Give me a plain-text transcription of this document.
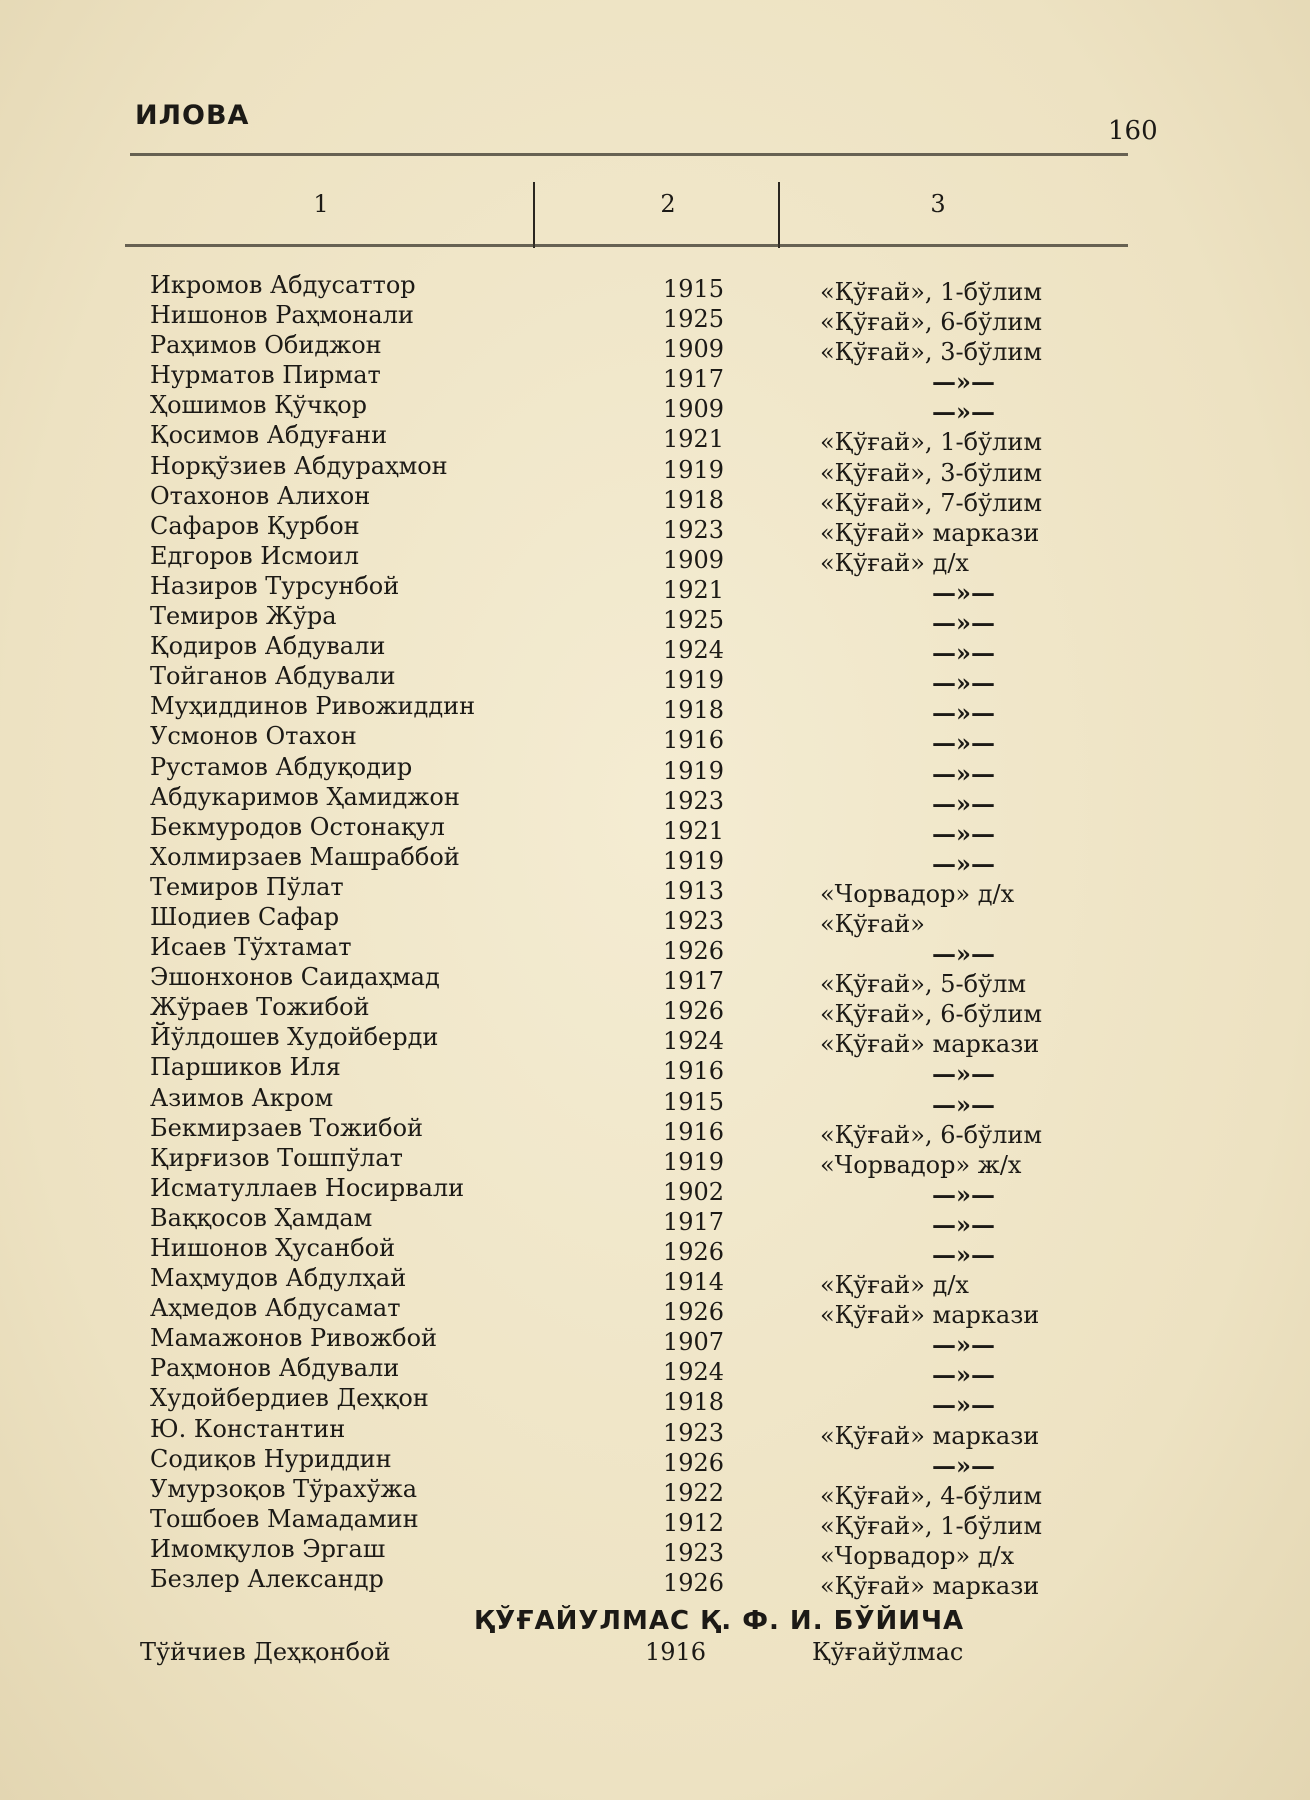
ИЛОВА	160
1	2	3
Икромов Абдусаттор	1915	«Қўғай», 1-бўлим
Нишонов Раҳмонали	1925	«Қўғай», 6-бўлим
Раҳимов Обиджон	1909	«Қўғай», 3-бўлим
Нурматов Пирмат	1917	—»—
Ҳошимов Қўчқор	1909	—»—
Қосимов Абдуғани	1921	«Қўғай», 1-бўлим
Норқўзиев Абдураҳмон	1919	«Қўғай», 3-бўлим
Отахонов Алихон	1918	«Қўғай», 7-бўлим
Сафаров Қурбон	1923	«Қўғай» маркази
Едгоров Исмоил	1909	«Қўғай» д/х
Назиров Турсунбой	1921	—»—
Темиров Жўра	1925	—»—
Қодиров Абдували	1924	—»—
Тойганов Абдували	1919	—»—
Муҳиддинов Ривожиддин	1918	—»—
Усмонов Отахон	1916	—»—
Рустамов Абдуқодир	1919	—»—
Абдукаримов Ҳамиджон	1923	—»—
Бекмуродов Остонақул	1921	—»—
Холмирзаев Машраббой	1919	—»—
Темиров Пўлат	1913	«Чорвадор» д/х
Шодиев Сафар	1923	«Қўғай»
Исаев Тўхтамат	1926	—»—
Эшонхонов Саидаҳмад	1917	«Қўғай», 5-бўлм
Жўраев Тожибой	1926	«Қўғай», 6-бўлим
Йўлдошев Худойберди	1924	«Қўғай» маркази
Паршиков Иля	1916	—»—
Азимов Акром	1915	—»—
Бекмирзаев Тожибой	1916	«Қўғай», 6-бўлим
Қирғизов Тошпўлат	1919	«Чорвадор» ж/х
Исматуллаев Носирвали	1902	—»—
Ваққосов Ҳамдам	1917	—»—
Нишонов Ҳусанбой	1926	—»—
Маҳмудов Абдулҳай	1914	«Қўғай» д/х
Аҳмедов Абдусамат	1926	«Қўғай» маркази
Мамажонов Ривожбой	1907	—»—
Раҳмонов Абдували	1924	—»—
Худойбердиев Деҳқон	1918	—»—
Ю. Константин	1923	«Қўғай» маркази
Содиқов Нуриддин	1926	—»—
Умурзоқов Тўрахўжа	1922	«Қўғай», 4-бўлим
Тошбоев Мамадамин	1912	«Қўғай», 1-бўлим
Имомқулов Эргаш	1923	«Чорвадор» д/х
Безлер Александр	1926	«Қўғай» маркази
ҚЎҒАЙУЛМАС Қ. Ф. И. БЎЙИЧА
Тўйчиев Деҳқонбой	1916	Қўғайўлмас
